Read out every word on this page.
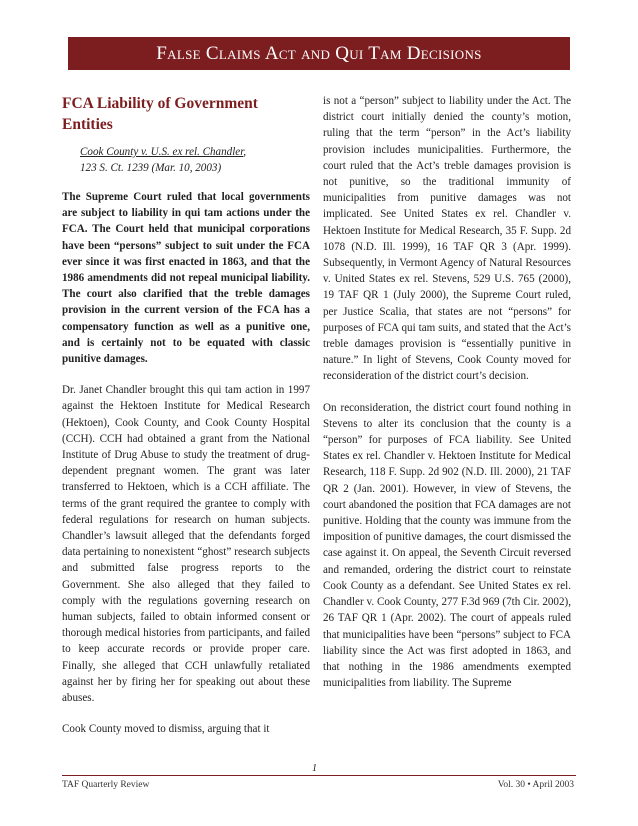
False Claims Act and Qui Tam Decisions
FCA Liability of Government Entities
Cook County v. U.S. ex rel. Chandler,
123 S. Ct. 1239 (Mar. 10, 2003)

The Supreme Court ruled that local governments are subject to liability in qui tam actions under the FCA. The Court held that municipal corporations have been “persons” subject to suit under the FCA ever since it was first enacted in 1863, and that the 1986 amendments did not repeal municipal liability. The court also clarified that the treble damages provision in the current version of the FCA has a compensatory function as well as a punitive one, and is certainly not to be equated with classic punitive damages.

Dr. Janet Chandler brought this qui tam action in 1997 against the Hektoen Institute for Medical Research (Hektoen), Cook County, and Cook County Hospital (CCH). CCH had obtained a grant from the National Institute of Drug Abuse to study the treatment of drug-dependent pregnant women. The grant was later transferred to Hektoen, which is a CCH affiliate. The terms of the grant required the grantee to comply with federal regulations for research on human subjects. Chandler’s lawsuit alleged that the defendants forged data pertaining to nonexistent “ghost” research subjects and submitted false progress reports to the Government. She also alleged that they failed to comply with the regulations governing research on human subjects, failed to obtain informed consent or thorough medical histories from participants, and failed to keep accurate records or provide proper care. Finally, she alleged that CCH unlawfully retaliated against her by firing her for speaking out about these abuses.

Cook County moved to dismiss, arguing that it

is not a “person” subject to liability under the Act. The district court initially denied the county’s motion, ruling that the term “person” in the Act’s liability provision includes municipalities. Furthermore, the court ruled that the Act’s treble damages provision is not punitive, so the traditional immunity of municipalities from punitive damages was not implicated. See United States ex rel. Chandler v. Hektoen Institute for Medical Research, 35 F. Supp. 2d 1078 (N.D. Ill. 1999), 16 TAF QR 3 (Apr. 1999). Subsequently, in Vermont Agency of Natural Resources v. United States ex rel. Stevens, 529 U.S. 765 (2000), 19 TAF QR 1 (July 2000), the Supreme Court ruled, per Justice Scalia, that states are not “persons” for purposes of FCA qui tam suits, and stated that the Act’s treble damages provision is “essentially punitive in nature.” In light of Stevens, Cook County moved for reconsideration of the district court’s decision.

On reconsideration, the district court found nothing in Stevens to alter its conclusion that the county is a “person” for purposes of FCA liability. See United States ex rel. Chandler v. Hektoen Institute for Medical Research, 118 F. Supp. 2d 902 (N.D. Ill. 2000), 21 TAF QR 2 (Jan. 2001). However, in view of Stevens, the court abandoned the position that FCA damages are not punitive. Holding that the county was immune from the imposition of punitive damages, the court dismissed the case against it. On appeal, the Seventh Circuit reversed and remanded, ordering the district court to reinstate Cook County as a defendant. See United States ex rel. Chandler v. Cook County, 277 F.3d 969 (7th Cir. 2002), 26 TAF QR 1 (Apr. 2002). The court of appeals ruled that municipalities have been “persons” subject to FCA liability since the Act was first adopted in 1863, and that nothing in the 1986 amendments exempted municipalities from liability. The Supreme

1
TAF Quarterly Review	Vol. 30 • April 2003
